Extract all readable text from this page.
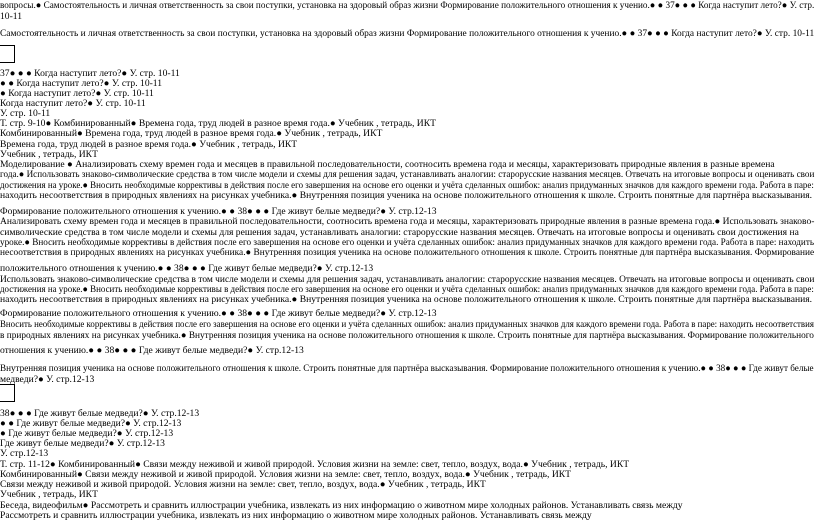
вопросы.● Самостоятельность и личная ответственность за свои поступки, установка на здоровый образ жизни Формирование положительного отношения к ученио.● ● 37● ● ● Когда наступит лето?● У. стр.
10-11
Самостоятельность и личная ответственность за свои поступки, установка на здоровый образ жизни Формирование положительного отношения к ученио.● ● 37● ● ● Когда наступит лето?● У. стр. 10-11
37● ● ● Когда наступит лето?● У. стр. 10-11
● ● Когда наступит лето?● У. стр. 10-11
● Когда наступит лето?● У. стр. 10-11
Когда наступит лето?● У. стр. 10-11
У. стр. 10-11
Т. стр. 9-10● Комбинированный● Времена года, труд людей в разное время года.● Учебник , тетрадь, ИКТ
Комбинированный● Времена года, труд людей в разное время года.● Учебник , тетрадь, ИКТ
Времена года, труд людей в разное время года.● Учебник , тетрадь, ИКТ
Учебник , тетрадь, ИКТ
Моделирование ● Анализировать схему времен года и месяцев в правильной последовательности, соотносить времена года и месяцы, характеризовать природные явления в разные времена
года.● Использовать знаково-символические средства в том числе модели и схемы для решения задач, устанавливать аналогии: старорусские названия месяцев. Отвечать на итоговые вопросы и оценивать свои
достижения на уроке.● Вносить необходимые коррективы в действия после его завершения на основе его оценки и учёта сделанных ошибок: анализ придуманных значков для каждого времени года. Работа в паре:
находить несоответствия в природных явлениях на рисунках учебника.● Внутренняя позиция ученика на основе положительного отношения к школе. Строить понятные для партнёра высказывания.
Формирование положительного отношения к учению.● ● 38● ● ● Где живут белые медведи?● У. стр.12-13
Анализировать схему времен года и месяцев в правильной последовательности, соотносить времена года и месяцы, характеризовать природные явления в разные времена года.● Использовать знаково-
символические средства в том числе модели и схемы для решения задач, устанавливать аналогии: старорусские названия месяцев. Отвечать на итоговые вопросы и оценивать свои достижения на
уроке.● Вносить необходимые коррективы в действия после его завершения на основе его оценки и учёта сделанных ошибок: анализ придуманных значков для каждого времени года. Работа в паре: находить
несоответствия в природных явлениях на рисунках учебника.● Внутренняя позиция ученика на основе положительного отношения к школе. Строить понятные для партнёра высказывания. Формирование
положительного отношения к учению.● ● 38● ● ● Где живут белые медведи?● У. стр.12-13
Использовать знаково-символические средства в том числе модели и схемы для решения задач, устанавливать аналогии: старорусские названия месяцев. Отвечать на итоговые вопросы и оценивать свои
достижения на уроке.● Вносить необходимые коррективы в действия после его завершения на основе его оценки и учёта сделанных ошибок: анализ придуманных значков для каждого времени года. Работа в паре:
находить несоответствия в природных явлениях на рисунках учебника.● Внутренняя позиция ученика на основе положительного отношения к школе. Строить понятные для партнёра высказывания.
Формирование положительного отношения к учению.● ● 38● ● ● Где живут белые медведи?● У. стр.12-13
Вносить необходимые коррективы в действия после его завершения на основе его оценки и учёта сделанных ошибок: анализ придуманных значков для каждого времени года. Работа в паре: находить несоответствия
в природных явлениях на рисунках учебника.● Внутренняя позиция ученика на основе положительного отношения к школе. Строить понятные для партнёра высказывания. Формирование положительного
отношения к учению.● ● 38● ● ● Где живут белые медведи?● У. стр.12-13
Внутренняя позиция ученика на основе положительного отношения к школе. Строить понятные для партнёра высказывания. Формирование положительного отношения к учению.● ● 38● ● ● Где живут белые
медведи?● У. стр.12-13
38● ● ● Где живут белые медведи?● У. стр.12-13
● ● Где живут белые медведи?● У. стр.12-13
● Где живут белые медведи?● У. стр.12-13
Где живут белые медведи?● У. стр.12-13
У. стр.12-13
Т. стр. 11-12● Комбинированный● Связи между неживой и живой природой. Условия жизни на земле: свет, тепло, воздух, вода.● Учебник , тетрадь, ИКТ
Комбинированный● Связи между неживой и живой природой. Условия жизни на земле: свет, тепло, воздух, вода.● Учебник , тетрадь, ИКТ
Связи между неживой и живой природой. Условия жизни на земле: свет, тепло, воздух, вода.● Учебник , тетрадь, ИКТ
Учебник , тетрадь, ИКТ
Беседа, видеофильм● Рассмотреть и сравнить иллюстрации учебника, извлекать из них информацию о животном мире холодных районов. Устанавливать связь между
Рассмотреть и сравнить иллюстрации учебника, извлекать из них информацию о животном мире холодных районов. Устанавливать связь между
